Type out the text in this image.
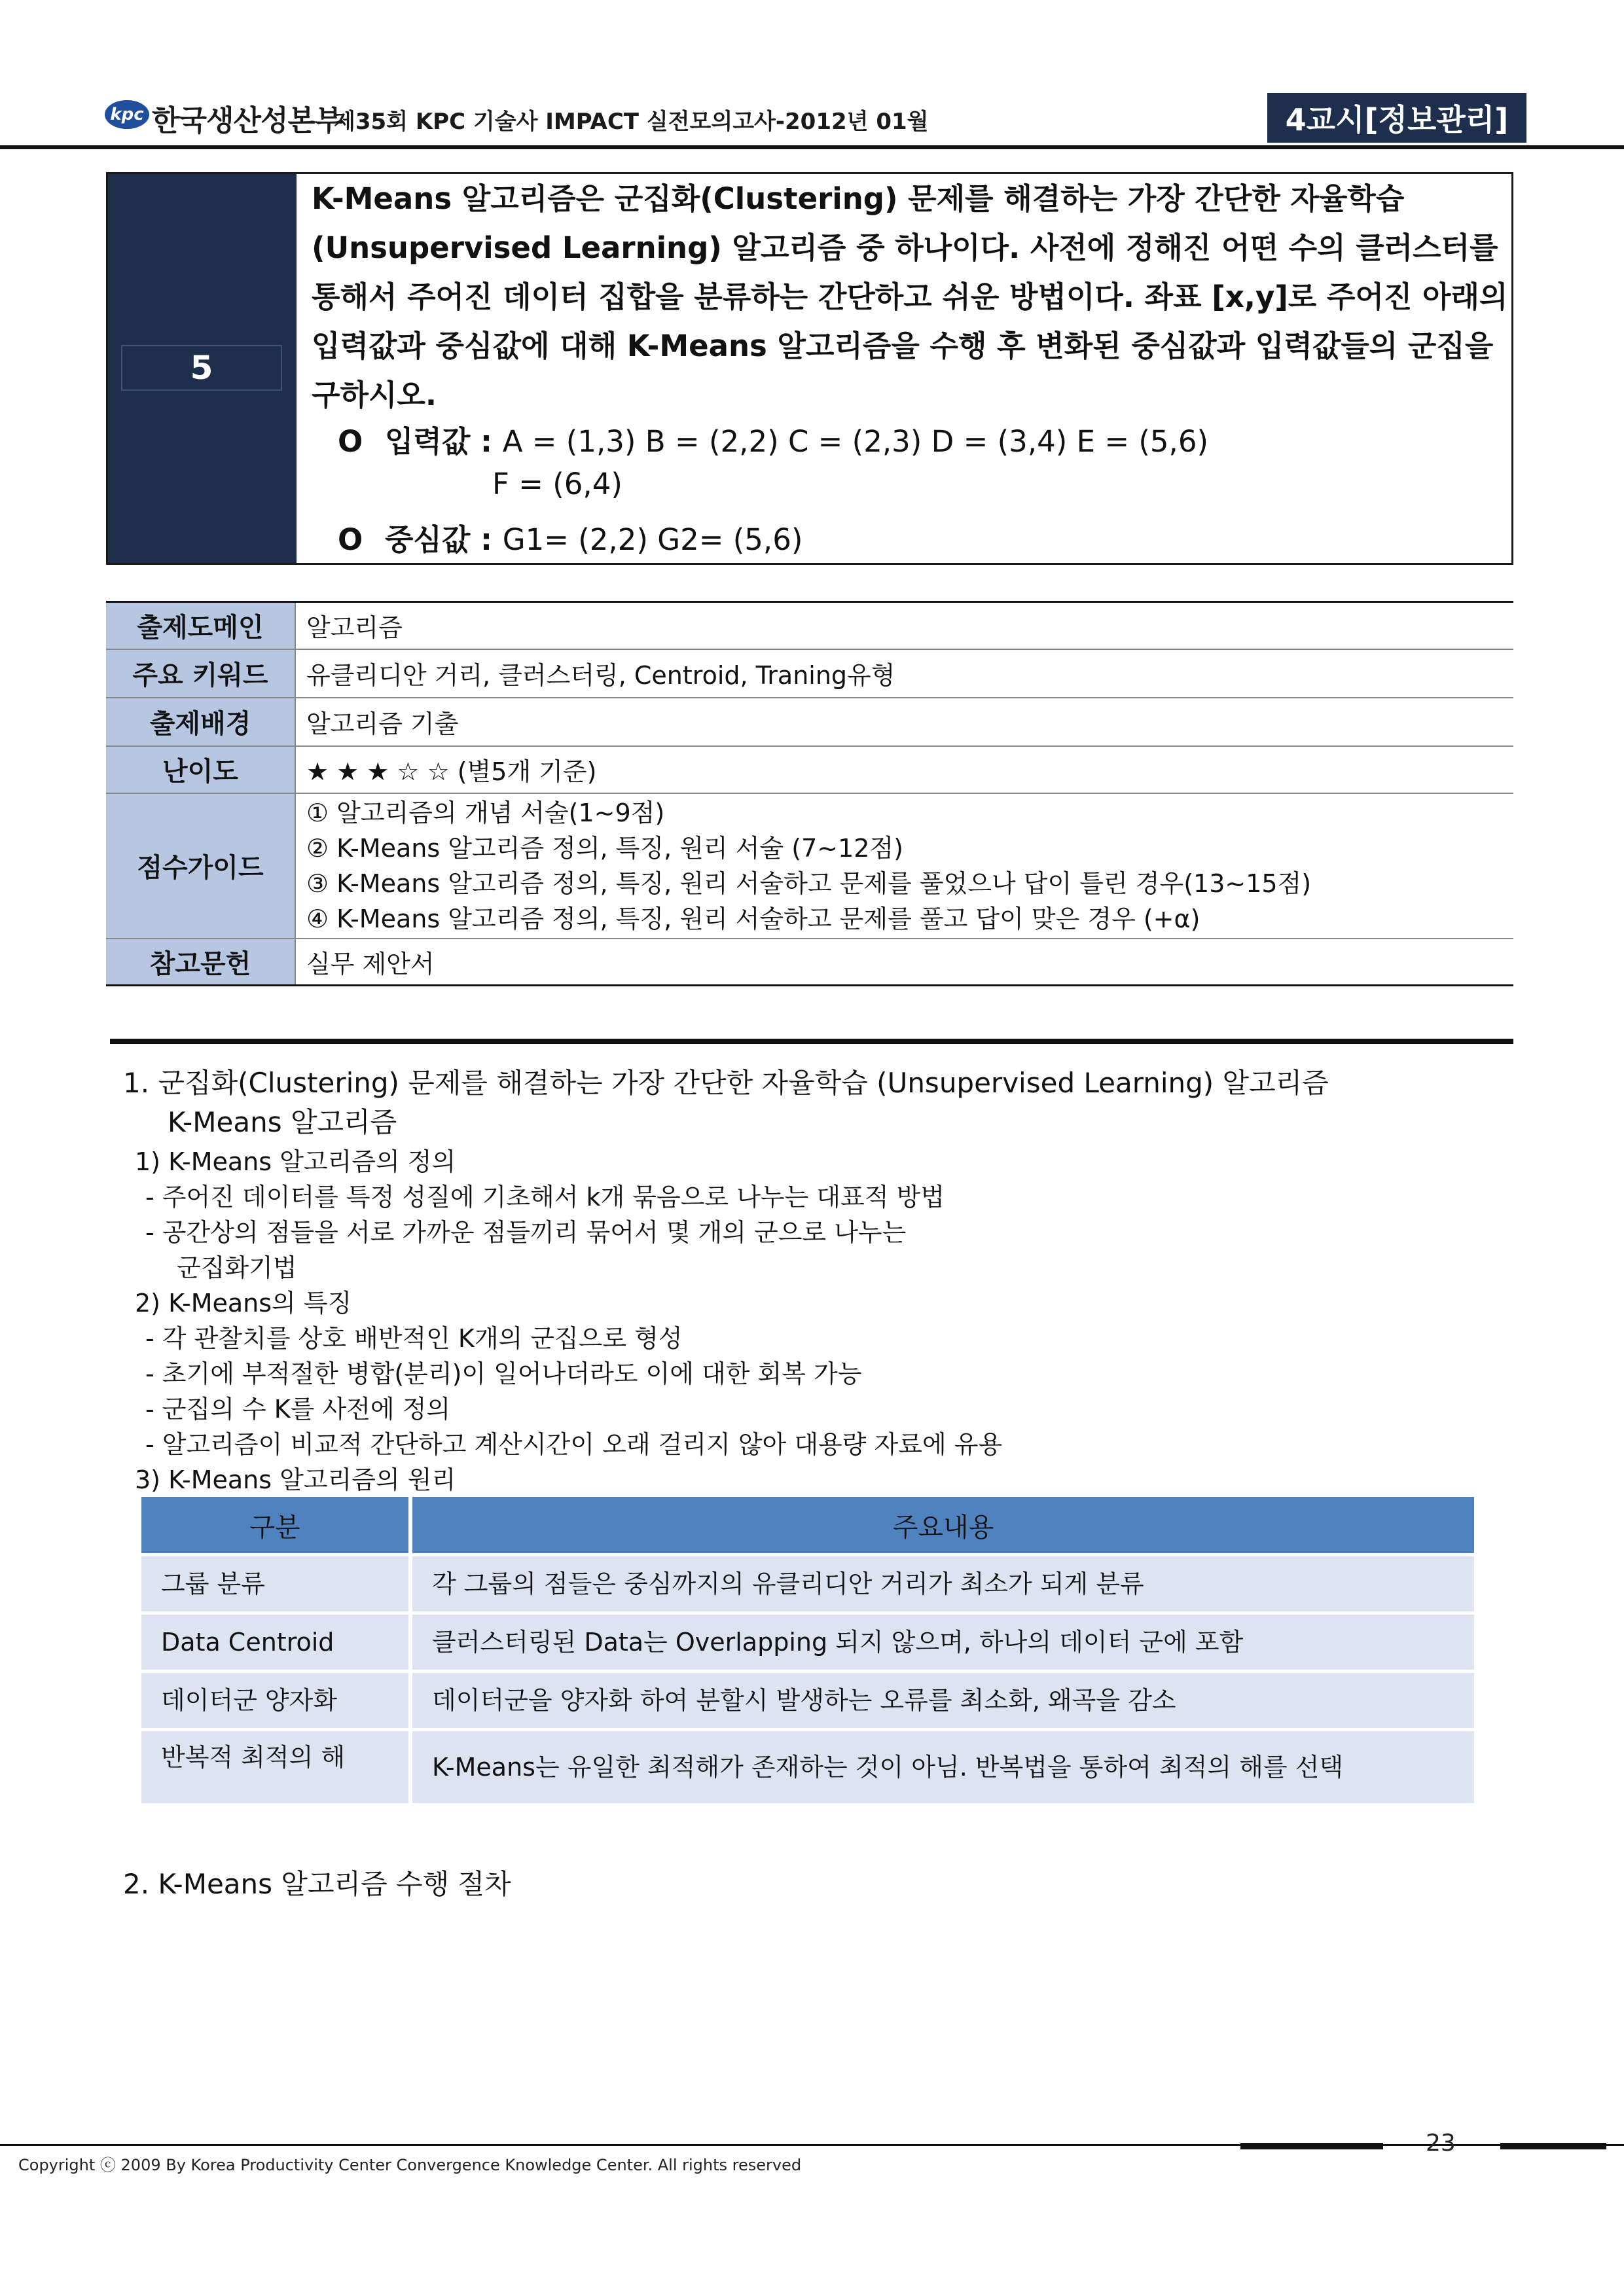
kpc 한국생산성본부
제35회 KPC 기술사 IMPACT 실전모의고사-2012년 01월	4교시[정보관리]
5
K-Means 알고리즘은 군집화(Clustering) 문제를 해결하는 가장 간단한 자율학습 (Unsupervised Learning) 알고리즘 중 하나이다. 사전에 정해진 어떤 수의 클러스터를 통해서 주어진 데이터 집합을 분류하는 간단하고 쉬운 방법이다. 좌표 [x,y]로 주어진 아래의 입력값과 중심값에 대해 K-Means 알고리즘을 수행 후 변화된 중심값과 입력값들의 군집을 구하시오.
O 입력값 : A = (1,3) B = (2,2) C = (2,3) D = (3,4) E = (5,6)
F = (6,4)
O 중심값 : G1= (2,2) G2= (5,6)
출제도메인	알고리즘
주요 키워드	유클리디안 거리, 클러스터링, Centroid, Traning유형
출제배경	알고리즘 기출
난이도	★ ★ ★ ☆ ☆ (별5개 기준)
점수가이드	① 알고리즘의 개념 서술(1~9점)
② K-Means 알고리즘 정의, 특징, 원리 서술 (7~12점)
③ K-Means 알고리즘 정의, 특징, 원리 서술하고 문제를 풀었으나 답이 틀린 경우(13~15점)
④ K-Means 알고리즘 정의, 특징, 원리 서술하고 문제를 풀고 답이 맞은 경우 (+α)

참고문헌	실무 제안서
1. 군집화(Clustering) 문제를 해결하는 가장 간단한 자율학습 (Unsupervised Learning) 알고리즘
K-Means 알고리즘
1) K-Means 알고리즘의 정의
- 주어진 데이터를 특정 성질에 기초해서 k개 묶음으로 나누는 대표적 방법
- 공간상의 점들을 서로 가까운 점들끼리 묶어서 몇 개의 군으로 나누는
군집화기법
2) K-Means의 특징
- 각 관찰치를 상호 배반적인 K개의 군집으로 형성
- 초기에 부적절한 병합(분리)이 일어나더라도 이에 대한 회복 가능
- 군집의 수 K를 사전에 정의
- 알고리즘이 비교적 간단하고 계산시간이 오래 걸리지 않아 대용량 자료에 유용
3) K-Means 알고리즘의 원리
구분	주요내용
그룹 분류	각 그룹의 점들은 중심까지의 유클리디안 거리가 최소가 되게 분류
Data Centroid	클러스터링된 Data는 Overlapping 되지 않으며, 하나의 데이터 군에 포함
데이터군 양자화	데이터군을 양자화 하여 분할시 발생하는 오류를 최소화, 왜곡을 감소
반복적 최적의 해	K-Means는 유일한 최적해가 존재하는 것이 아님. 반복법을 통하여 최적의 해를 선택
2. K-Means 알고리즘 수행 절차
23
Copyright ⓒ 2009 By Korea Productivity Center Convergence Knowledge Center. All rights reserved
